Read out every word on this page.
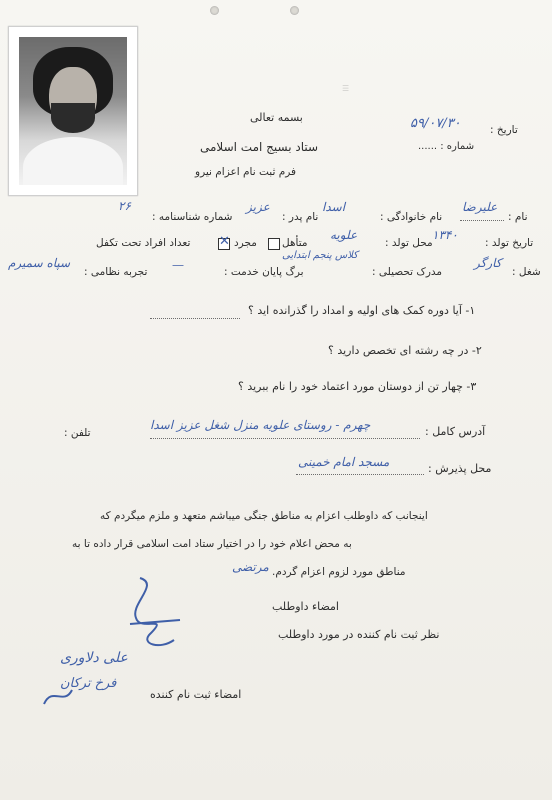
بسمه تعالی
ستاد بسیج امت اسلامی
فرم ثبت نام اعزام نیرو
تاریخ :
۵۹/۰۷/۳۰
شماره : ......
☰
نام :
عليرضا
نام خانوادگی :
اسدا
نام پدر :
عزيز
شماره شناسنامه :
۲۶
تاریخ تولد :
۱۳۴۰
محل تولد :
علويه
متأهل
مجرد
✕
تعداد افراد تحت تکفل
شغل :
کارگر
مدرک تحصیلی :
کلاس پنجم ابتدایی
برگ پایان خدمت :
—
تجربه نظامی :
سپاه سمیرم
۱- آیا دوره کمک های اولیه و امداد را گذرانده اید ؟
۲- در چه رشته ای تخصص دارید ؟
۳- چهار تن از دوستان مورد اعتماد خود را نام ببرید ؟
آدرس کامل :
چهرم - روستای علويه منزل شغل عزيز اسدا
تلفن :
محل پذیرش :
مسجد امام خمینی
اینجانب که داوطلب اعزام به مناطق جنگی میباشم متعهد و ملزم میگردم که
به محض اعلام خود را در اختیار ستاد امت اسلامی قرار داده تا به
مناطق مورد لزوم اعزام گردم.
مرتضی
امضاء داوطلب
نظر ثبت نام کننده در مورد داوطلب
امضاء ثبت نام کننده
علی دلاوری
فرخ ترکان
